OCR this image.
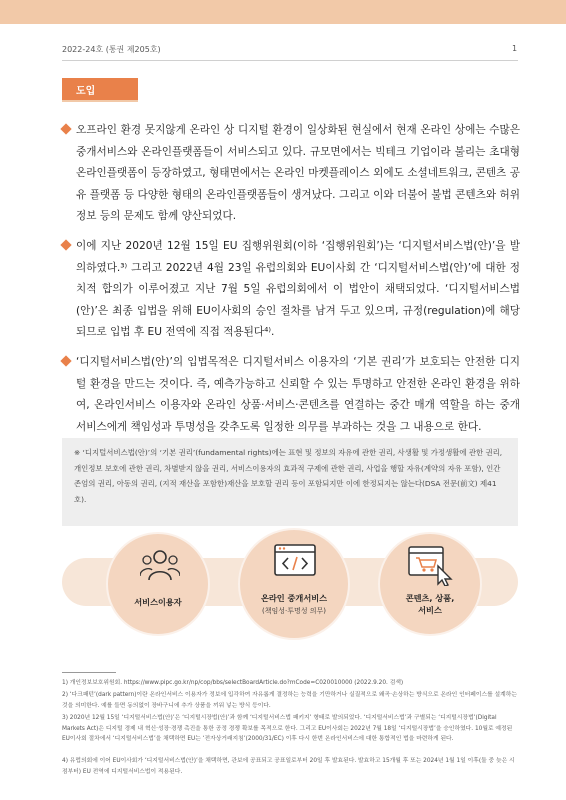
2022-24호 (통권 제205호)	1
도입
오프라인 환경 못지않게 온라인 상 디지털 환경이 일상화된 현실에서 현재 온라인 상에는 수많은 중개서비스와 온라인플랫폼들이 서비스되고 있다. 규모면에서는 빅테크 기업이라 불리는 초대형 온라인플랫폼이 등장하였고, 형태면에서는 온라인 마켓플레이스 외에도 소셜네트워크, 콘텐츠 공유 플랫폼 등 다양한 형태의 온라인플랫폼들이 생겨났다. 그리고 이와 더불어 불법 콘텐츠와 허위 정보 등의 문제도 함께 양산되었다.
이에 지난 2020년 12월 15일 EU 집행위원회(이하 ‘집행위원회’)는 ‘디지털서비스법(안)’을 발의하였다.³⁾ 그리고 2022년 4월 23일 유럽의회와 EU이사회 간 ‘디지털서비스법(안)’에 대한 정치적 합의가 이루어졌고 지난 7월 5일 유럽의회에서 이 법안이 채택되었다. ‘디지털서비스법(안)’은 최종 입법을 위해 EU이사회의 승인 절차를 남겨 두고 있으며, 규정(regulation)에 해당되므로 입법 후 EU 전역에 직접 적용된다⁴⁾.
‘디지털서비스법(안)’의 입법목적은 디지털서비스 이용자의 ‘기본 권리’가 보호되는 안전한 디지털 환경을 만드는 것이다. 즉, 예측가능하고 신뢰할 수 있는 투명하고 안전한 온라인 환경을 위하여, 온라인서비스 이용자와 온라인 상품·서비스·콘텐츠를 연결하는 중간 매개 역할을 하는 중개 서비스에게 책임성과 투명성을 갖추도록 일정한 의무를 부과하는 것을 그 내용으로 한다.
※ ‘디지털서비스법(안)’의 ‘기본 권리’(fundamental rights)에는 표현 및 정보의 자유에 관한 권리, 사생활 및 가정생활에 관한 권리, 개인정보 보호에 관한 권리, 차별받지 않을 권리, 서비스이용자의 효과적 구제에 관한 권리, 사업을 행할 자유(계약의 자유 포함), 인간 존엄의 권리, 아동의 권리, (지적 재산을 포함한)재산을 보호할 권리 등이 포함되지만 이에 한정되지는 않는다(DSA 전문(前文) 제41호).
서비스이용자	온라인 중개서비스
(책임성·투명성 의무)
콘텐츠, 상품,
서비스
1) 개인정보보호위원회. https://www.pipc.go.kr/np/cop/bbs/selectBoardArticle.do?mCode=C020010000 (2022.9.20. 검색)
2) ‘다크패턴’(dark pattern)이란 온라인서비스 이용자가 정보에 입각하여 자유롭게 결정하는 능력을 기만하거나 실질적으로 왜곡·손상하는 방식으로 온라인 인터페이스를 설계하는 것을 의미한다. 예를 들면 동의없이 장바구니에 추가 상품을 끼워 넣는 방식 등이다.
3) 2020년 12월 15일 ‘디지털서비스법(안)’은 ‘디지털시장법(안)’과 함께 ‘디지털서비스법 패키지’ 형태로 발의되었다. ‘디지털서비스법’과 구별되는 ‘디지털시장법’(Digital Markets Act)은 디지털 경제 내 혁신·성장·경쟁 촉진을 통한 공정 경쟁 확보를 목적으로 한다. 그리고 EU이사회는 2022년 7월 18일 ‘디지털시장법’을 승인하였다. 10월로 예정된 EU이사회 절차에서 ‘디지털서비스법’을 채택하면 EU는 ‘전자상거래지침’(2000/31/EC) 이후 다시 한번 온라인서비스에 대한 통합적인 법을 마련하게 된다.
4) 유럽의회에 이어 EU이사회가 ‘디지털서비스법(안)’을 채택하면, 관보에 공표되고 공표일로부터 20일 후 발효된다. 발효하고 15개월 후 또는 2024년 1월 1일 이후(둘 중 늦은 시점부터) EU 전역에 디지털서비스법이 적용된다.
